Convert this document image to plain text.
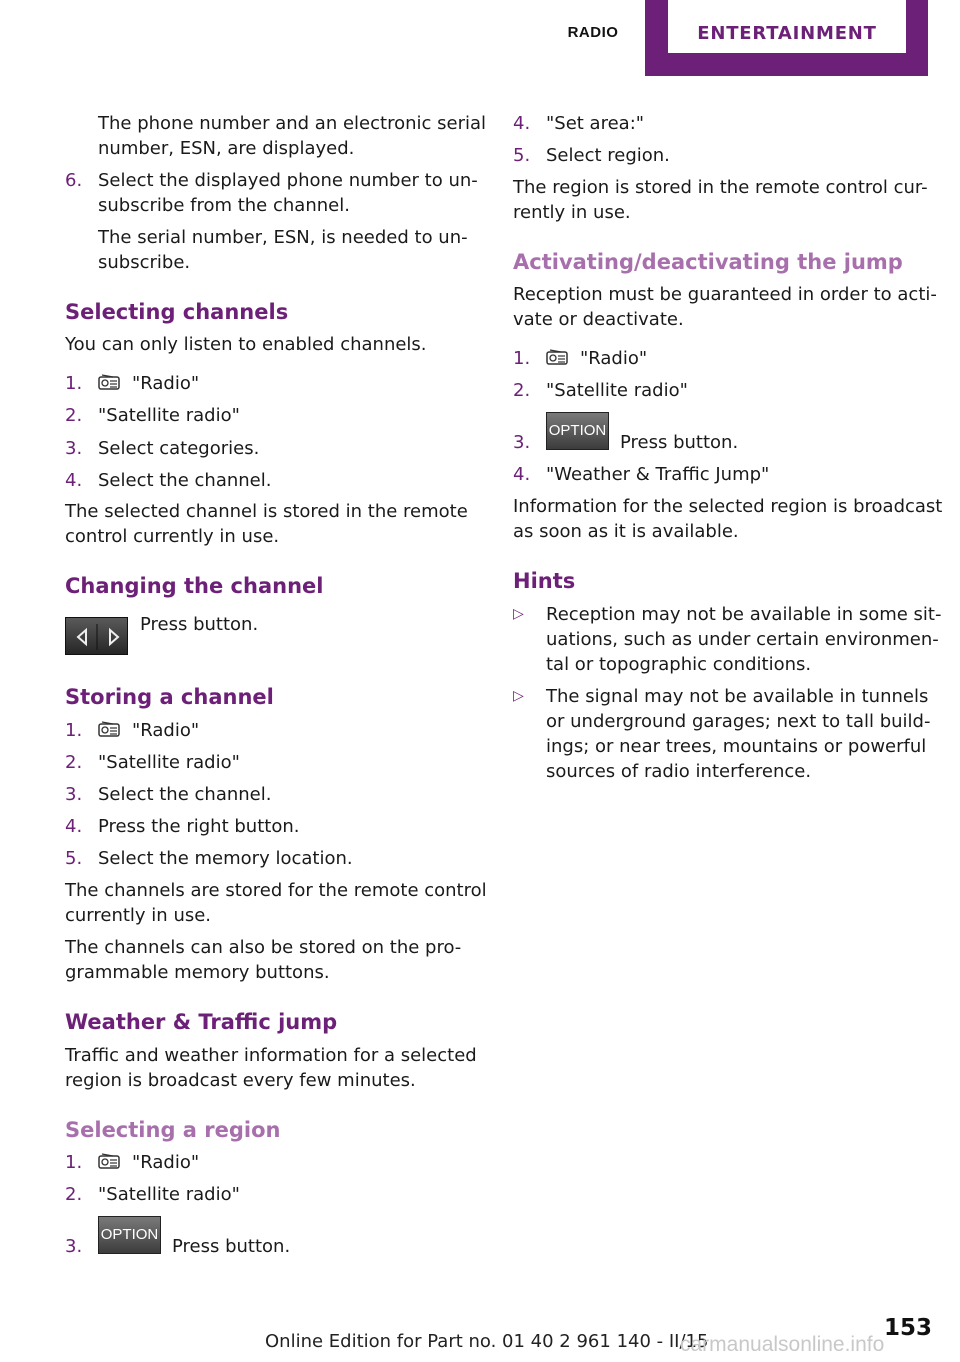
RADIO	ENTERTAINMENT
The phone number and an electronic serial
number, ESN, are displayed.
6. Select the displayed phone number to un-
subscribe from the channel.
The serial number, ESN, is needed to un-
subscribe.
Selecting channels
You can only listen to enabled channels.
1.	"Radio"
2. "Satellite radio"
3. Select categories.
4. Select the channel.
The selected channel is stored in the remote
control currently in use.
Changing the channel
Press button.
Storing a channel
1.	"Radio"
2. "Satellite radio"
3. Select the channel.
4. Press the right button.
5. Select the memory location.
The channels are stored for the remote control
currently in use.
The channels can also be stored on the pro-
grammable memory buttons.
Weather & Traffic jump
Traffic and weather information for a selected
region is broadcast every few minutes.
Selecting a region
1.	"Radio"
2. "Satellite radio"
3.
OPTION
Press button.
4. "Set area:"
5. Select region.
The region is stored in the remote control cur-
rently in use.
Activating/deactivating the jump
Reception must be guaranteed in order to acti-
vate or deactivate.
1.	"Radio"
2. "Satellite radio"
3.
OPTION
Press button.
4. "Weather & Traffic Jump"
Information for the selected region is broadcast
as soon as it is available.
Hints
▷ Reception may not be available in some sit-
uations, such as under certain environmen-
tal or topographic conditions.
▷ The signal may not be available in tunnels
or underground garages; next to tall build-
ings; or near trees, mountains or powerful
sources of radio interference.
153
Online Edition for Part no. 01 40 2 961 140 - II/15
carmanualsonline.info
